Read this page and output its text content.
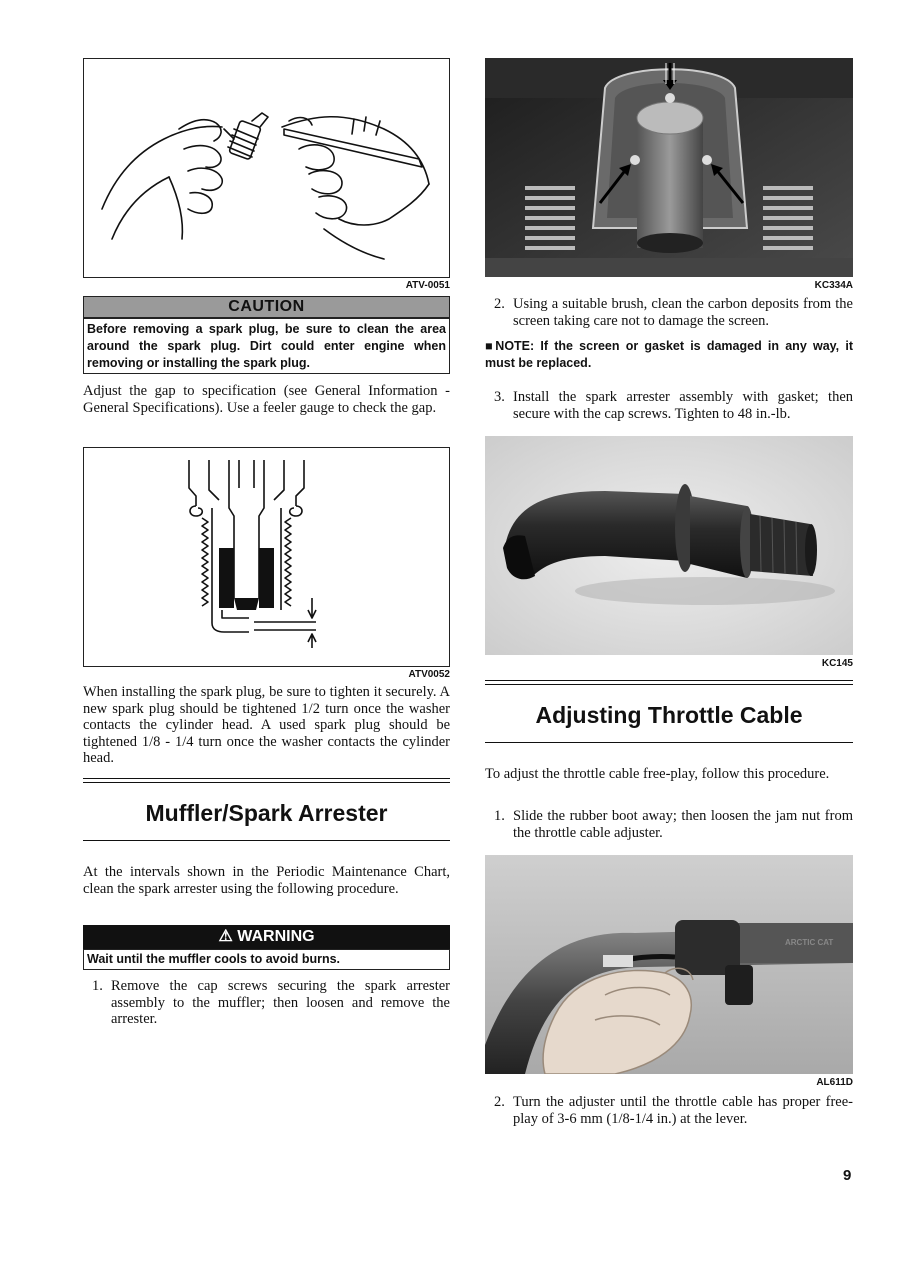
ATV-0051
CAUTION
Before removing a spark plug, be sure to clean the area around the spark plug. Dirt could enter engine when removing or installing the spark plug.
Adjust the gap to specification (see General Information - General Specifications). Use a feeler gauge to check the gap.
ATV0052
When installing the spark plug, be sure to tighten it securely. A new spark plug should be tightened 1/2 turn once the washer contacts the cylinder head. A used spark plug should be tightened 1/8 - 1/4 turn once the washer contacts the cylinder head.
Muffler/Spark Arrester
At the intervals shown in the Periodic Maintenance Chart, clean the spark arrester using the following procedure.
⚠ WARNING
Wait until the muffler cools to avoid burns.
1. Remove the cap screws securing the spark arrester assembly to the muffler; then loosen and remove the arrester.
KC334A
2. Using a suitable brush, clean the carbon deposits from the screen taking care not to damage the screen.
■NOTE: If the screen or gasket is damaged in any way, it must be replaced.
3. Install the spark arrester assembly with gasket; then secure with the cap screws. Tighten to 48 in.-lb.
KC145
Adjusting Throttle Cable
To adjust the throttle cable free-play, follow this procedure.
1. Slide the rubber boot away; then loosen the jam nut from the throttle cable adjuster.
ARCTIC CAT
AL611D
2. Turn the adjuster until the throttle cable has proper free-play of 3-6 mm (1/8-1/4 in.) at the lever.
9
